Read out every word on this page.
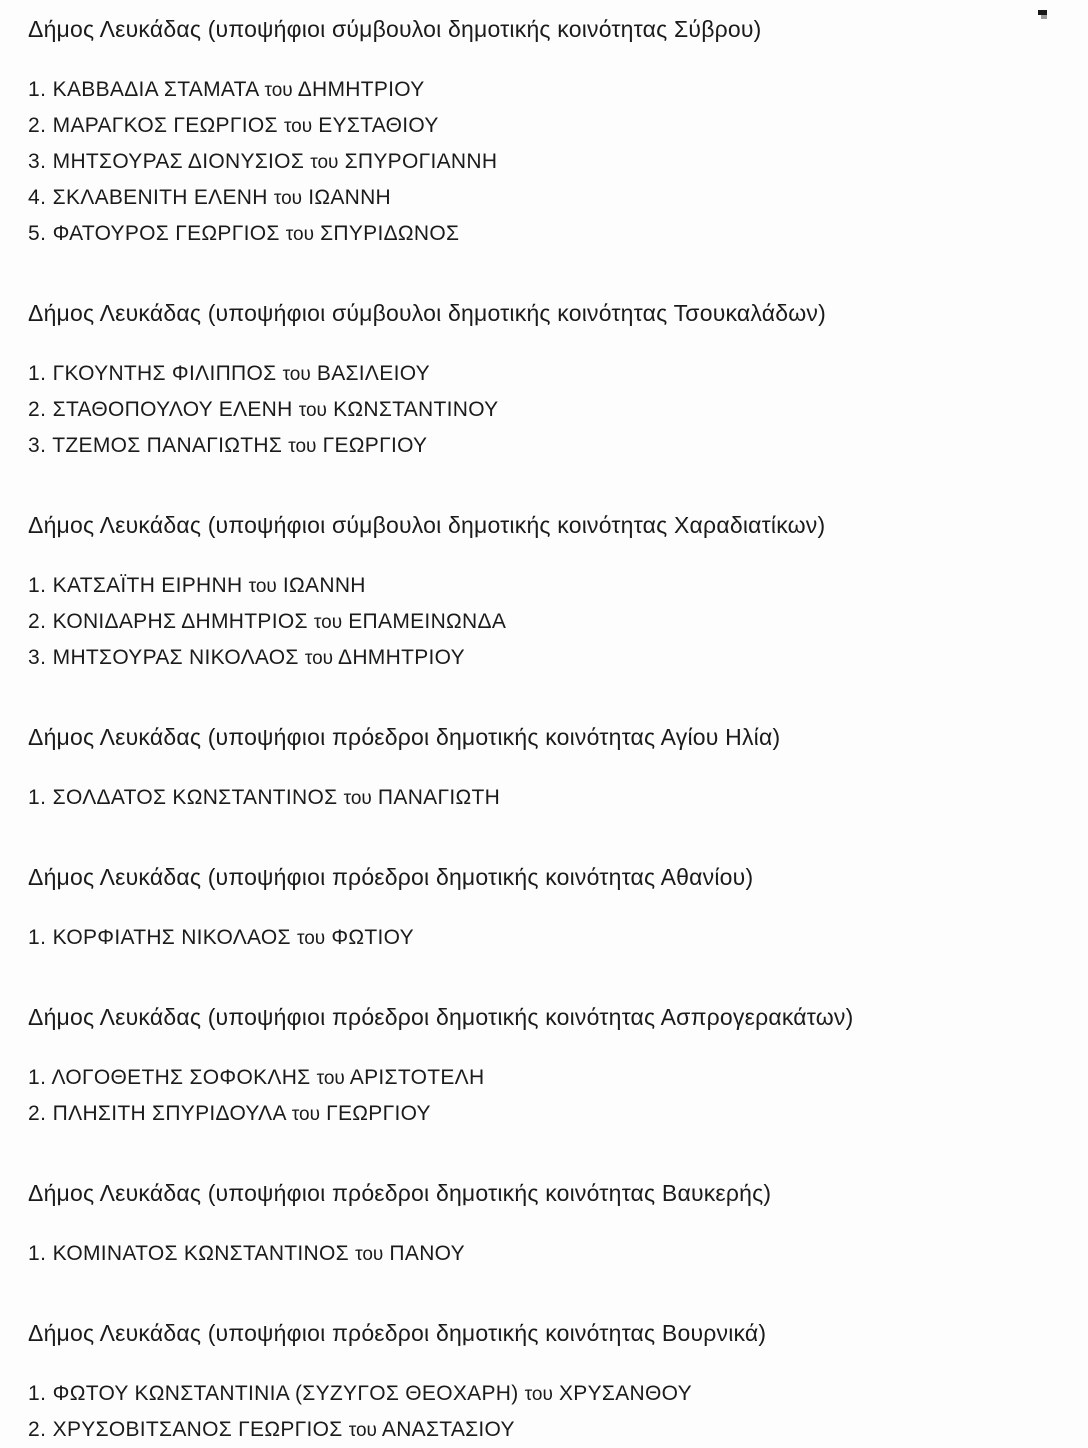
Δήμος Λευκάδας (υποψήφιοι σύμβουλοι δημοτικής κοινότητας Σύβρου)
1. ΚΑΒΒΑΔΙΑ ΣΤΑΜΑΤΑ του ΔΗΜΗΤΡΙΟΥ
2. ΜΑΡΑΓΚΟΣ ΓΕΩΡΓΙΟΣ του ΕΥΣΤΑΘΙΟΥ
3. ΜΗΤΣΟΥΡΑΣ ΔΙΟΝΥΣΙΟΣ του ΣΠΥΡΟΓΙΑΝΝΗ
4. ΣΚΛΑΒΕΝΙΤΗ ΕΛΕΝΗ του ΙΩΑΝΝΗ
5. ΦΑΤΟΥΡΟΣ ΓΕΩΡΓΙΟΣ του ΣΠΥΡΙΔΩΝΟΣ
Δήμος Λευκάδας (υποψήφιοι σύμβουλοι δημοτικής κοινότητας Τσουκαλάδων)
1. ΓΚΟΥΝΤΗΣ ΦΙΛΙΠΠΟΣ του ΒΑΣΙΛΕΙΟΥ
2. ΣΤΑΘΟΠΟΥΛΟΥ ΕΛΕΝΗ του ΚΩΝΣΤΑΝΤΙΝΟΥ
3. ΤΖΕΜΟΣ ΠΑΝΑΓΙΩΤΗΣ του ΓΕΩΡΓΙΟΥ
Δήμος Λευκάδας (υποψήφιοι σύμβουλοι δημοτικής κοινότητας Χαραδιατίκων)
1. ΚΑΤΣΑΪΤΗ ΕΙΡΗΝΗ του ΙΩΑΝΝΗ
2. ΚΟΝΙΔΑΡΗΣ ΔΗΜΗΤΡΙΟΣ του ΕΠΑΜΕΙΝΩΝΔΑ
3. ΜΗΤΣΟΥΡΑΣ ΝΙΚΟΛΑΟΣ του ΔΗΜΗΤΡΙΟΥ
Δήμος Λευκάδας (υποψήφιοι πρόεδροι δημοτικής κοινότητας Αγίου Ηλία)
1. ΣΟΛΔΑΤΟΣ ΚΩΝΣΤΑΝΤΙΝΟΣ του ΠΑΝΑΓΙΩΤΗ
Δήμος Λευκάδας (υποψήφιοι πρόεδροι δημοτικής κοινότητας Αθανίου)
1. ΚΟΡΦΙΑΤΗΣ ΝΙΚΟΛΑΟΣ του ΦΩΤΙΟΥ
Δήμος Λευκάδας (υποψήφιοι πρόεδροι δημοτικής κοινότητας Ασπρογερακάτων)
1. ΛΟΓΟΘΕΤΗΣ ΣΟΦΟΚΛΗΣ του ΑΡΙΣΤΟΤΕΛΗ
2. ΠΛΗΣΙΤΗ ΣΠΥΡΙΔΟΥΛΑ του ΓΕΩΡΓΙΟΥ
Δήμος Λευκάδας (υποψήφιοι πρόεδροι δημοτικής κοινότητας Βαυκερής)
1. ΚΟΜΙΝΑΤΟΣ ΚΩΝΣΤΑΝΤΙΝΟΣ του ΠΑΝΟΥ
Δήμος Λευκάδας (υποψήφιοι πρόεδροι δημοτικής κοινότητας Βουρνικά)
1. ΦΩΤΟΥ ΚΩΝΣΤΑΝΤΙΝΙΑ (ΣΥΖΥΓΟΣ ΘΕΟΧΑΡΗ) του ΧΡΥΣΑΝΘΟΥ
2. ΧΡΥΣΟΒΙΤΣΑΝΟΣ ΓΕΩΡΓΙΟΣ του ΑΝΑΣΤΑΣΙΟΥ
